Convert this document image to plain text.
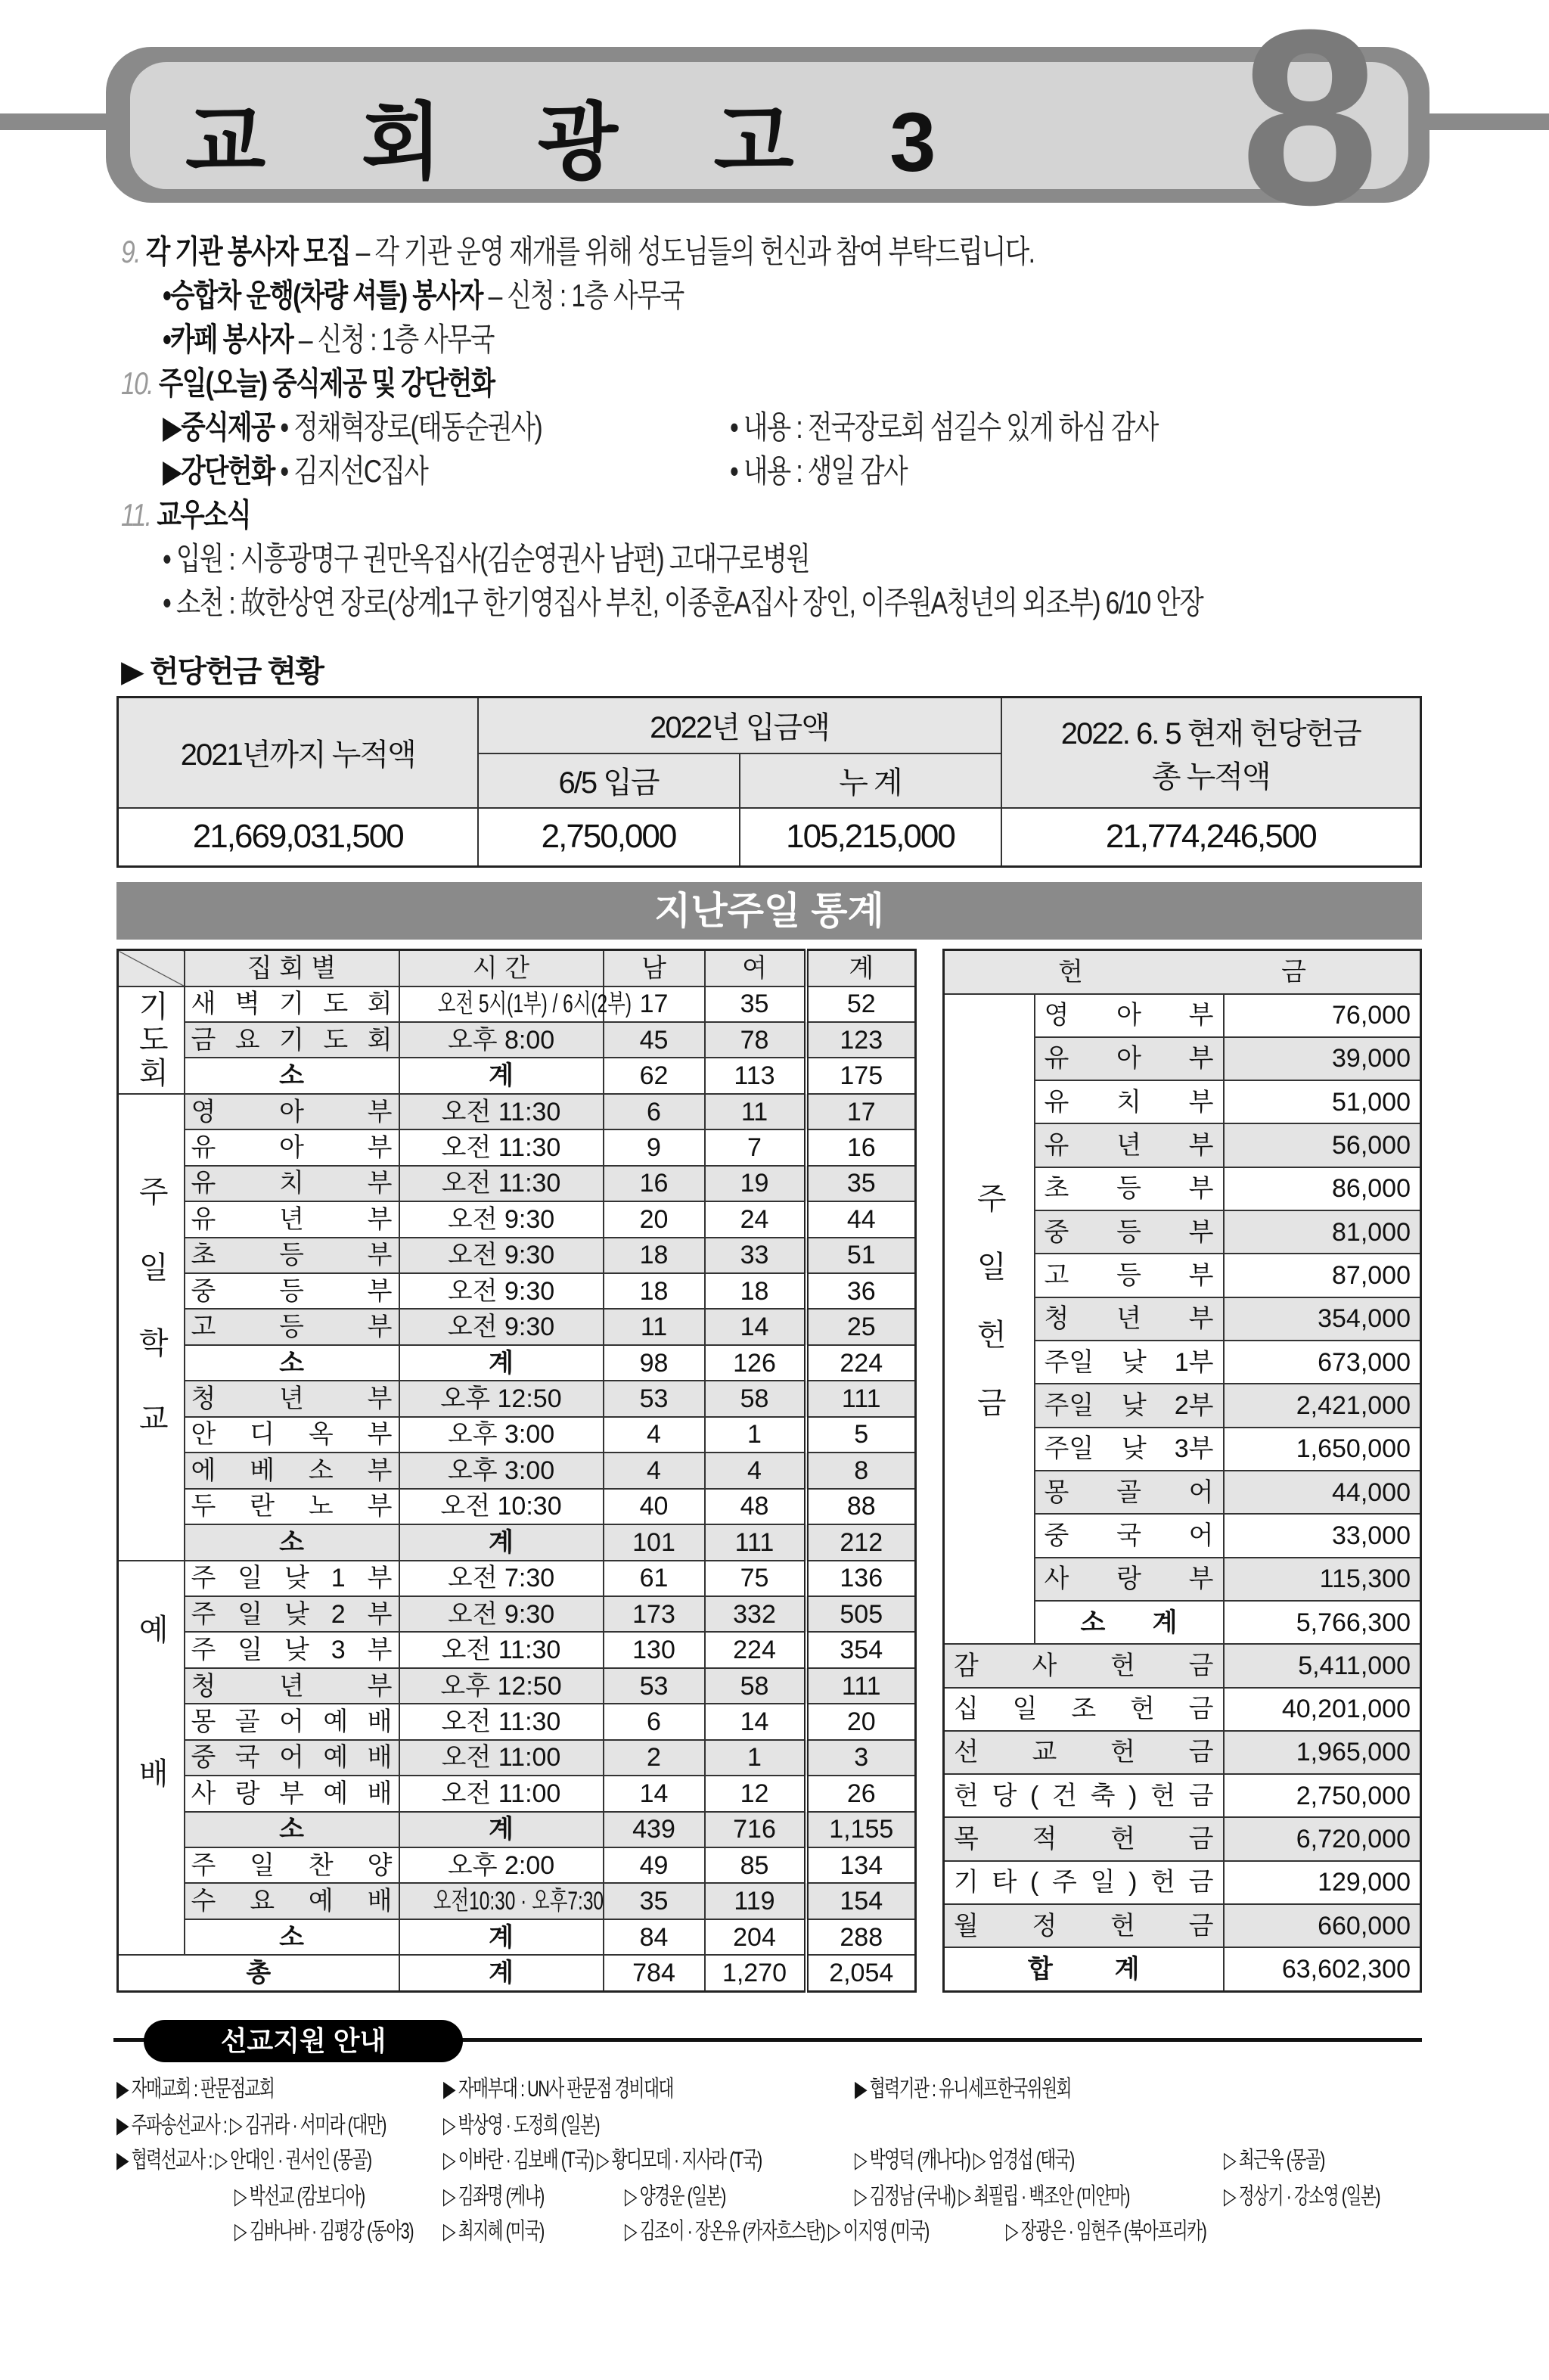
교 회 광 고 3 8
9. 각 기관 봉사자 모집 – 각 기관 운영 재개를 위해 성도님들의 헌신과 참여 부탁드립니다.
•승합차 운행(차량 셔틀) 봉사자 – 신청 : 1층 사무국
•카페 봉사자 – 신청 : 1층 사무국
10. 주일(오늘) 중식제공 및 강단헌화
▶중식제공 • 정채혁장로(태동순권사)	• 내용 : 전국장로회 섬길수 있게 하심 감사
▶강단헌화 • 김지선C집사	• 내용 : 생일 감사
11. 교우소식
• 입원 : 시흥광명구 권만옥집사(김순영권사 남편) 고대구로병원
• 소천 : 故한상연 장로(상계1구 한기영집사 부친, 이종훈A집사 장인, 이주원A청년의 외조부) 6/10 안장
▶ 헌당헌금 현황
2021년까지 누적액	2022년 입금액		2022. 6. 5 현재 헌당헌금 총 누적액
	6/5 입금	누 계	
21,669,031,500	2,750,000	105,215,000	21,774,246,500
지난주일 통계
선교지원 안내
	집 회 별	시 간	남	여	계
기도회	새 벽 기 도 회	오전 5시(1부) / 6시(2부)	17	35	52
	금 요 기 도 회	오후 8:00	45	78	123
	소	계	62	113	175
주일학교	영 아 부	오전 11:30	6	11	17
	유 아 부	오전 11:30	9	7	16
	유 치 부	오전 11:30	16	19	35
	유 년 부	오전 9:30	20	24	44
	초 등 부	오전 9:30	18	33	51
	중 등 부	오전 9:30	18	18	36
	고 등 부	오전 9:30	11	14	25
	소	계	98	126	224
	청 년 부	오후 12:50	53	58	111
	안 디 옥 부	오후 3:00	4	1	5
	에 베 소 부	오후 3:00	4	4	8
	두 란 노 부	오전 10:30	40	48	88
	소	계	101	111	212
예배	주 일 낮 1 부	오전 7:30	61	75	136
	주 일 낮 2 부	오전 9:30	173	332	505
	주 일 낮 3 부	오전 11:30	130	224	354
	청 년 부	오후 12:50	53	58	111
	몽 골 어 예 배	오전 11:30	6	14	20
	중 국 어 예 배	오전 11:00	2	1	3
	사 랑 부 예 배	오전 11:00	14	12	26
	소	계	439	716	1,155
	주 일 찬 양	오후 2:00	49	85	134
	수 요 예 배	오전10:30 · 오후7:30	35	119	154
	소	계	84	204	288
총		계	784	1,270	2,054
헌 금		
주일헌금	영 아 부	76,000
	유 아 부	39,000
	유 치 부	51,000
	유 년 부	56,000
	초 등 부	86,000
	중 등 부	81,000
	고 등 부	87,000
	청 년 부	354,000
	주일 낮 1부	673,000
	주일 낮 2부	2,421,000
	주일 낮 3부	1,650,000
	몽 골 어	44,000
	중 국 어	33,000
	사 랑 부	115,300
	소 계	5,766,300
감 사 헌 금		5,411,000
십 일 조 헌 금		40,201,000
선 교 헌 금		1,965,000
헌 당 ( 건 축 ) 헌 금		2,750,000
목 적 헌 금		6,720,000
기 타 ( 주 일 ) 헌 금		129,000
월 정 헌 금		660,000
합 계		63,602,300
▶ 자매교회 : 판문점교회	▶ 자매부대 : UN사 판문점 경비대대	▶ 협력기관 : 유니세프한국위원회
▶ 주파송선교사 : ▷ 김귀라 · 서미라 (대만)	▷ 박상영 · 도정희 (일본)
▶ 협력선교사 : ▷ 안대인 · 권서인 (몽골)	▷ 이바란 · 김보배 (T국) ▷ 황디모데 · 지사라 (T국)	▷ 박영덕 (캐나다) ▷ 엄경섭 (태국)	▷ 최근욱 (몽골)
▷ 박선교 (캄보디아)	▷ 김좌명 (케냐)	▷ 양경운 (일본)	▷ 김정남 (국내) ▷ 최필립 · 백조안 (미얀마)	▷ 정상기 · 강소영 (일본)
▷ 김바나바 · 김평강 (동아3) ▷ 최지혜 (미국)	▷ 김조이 · 장온유 (카자흐스탄) ▷ 이지영 (미국)	▷ 장광은 · 임현주 (북아프리카)
